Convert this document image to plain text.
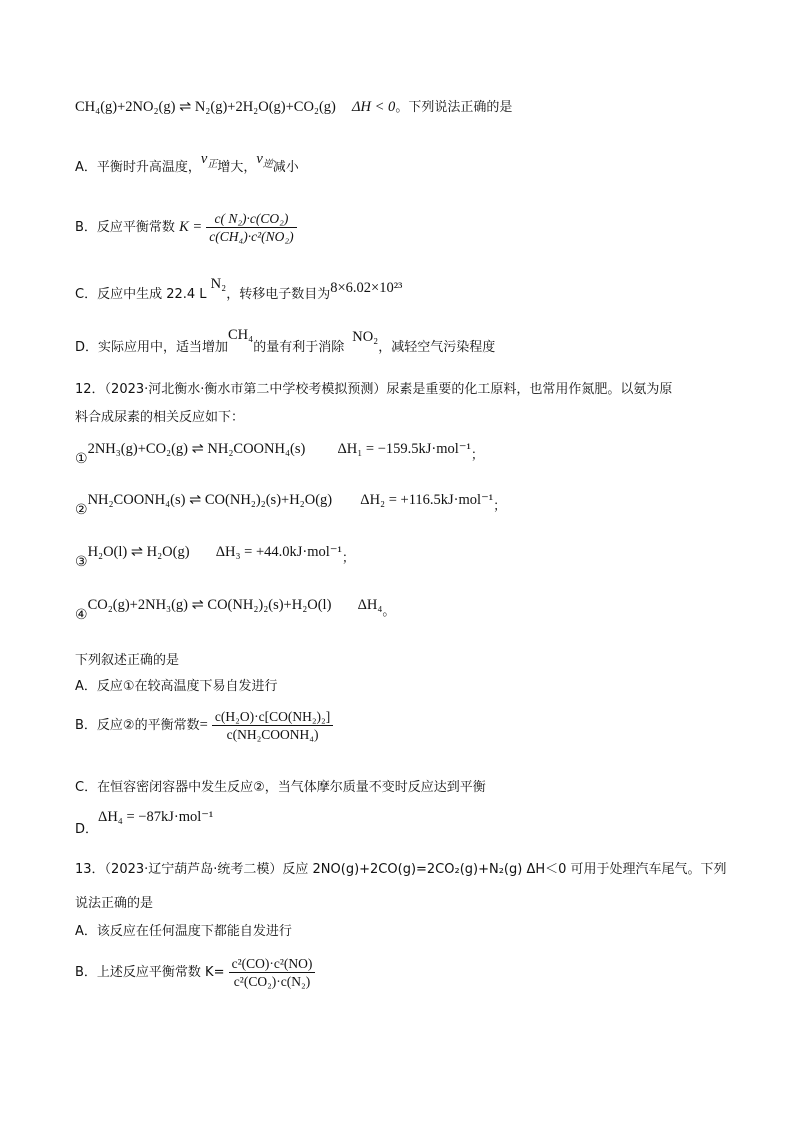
CH₄(g)+2NO₂(g) ⇌ N₂(g)+2H₂O(g)+CO₂(g) ΔH < 0。下列说法正确的是
A．平衡时升高温度，$v_正$增大，$v_逆$减小
B．反应平衡常数 $K = \frac{\text{c( N₂)·c(CO₂)}}{\text{c(CH₄)·c²(NO₂)}}$
C．反应中生成 22.4 L N₂，转移电子数目为8×6.02×10²³
D．实际应用中，适当增加CH₄的量有利于消除NO₂，减轻空气污染程度
12．（2023·河北衡水·衡水市第二中学校考模拟预测）尿素是重要的化工原料，也常用作氮肥。以氨为原
料合成尿素的相关反应如下：
①2NH₃(g)+CO₂(g) ⇌ NH₂COONH₄(s) ΔH₁ = −159.5kJ·mol⁻¹；
②NH₂COONH₄(s) ⇌ CO(NH₂)₂(s)+H₂O(g) ΔH₂ = +116.5kJ·mol⁻¹；
③H₂O(l) ⇌ H₂O(g) ΔH₃ = +44.0kJ·mol⁻¹；
④CO₂(g)+2NH₃(g) ⇌ CO(NH₂)₂(s)+H₂O(l) ΔH₄。
下列叙述正确的是
A．反应①在较高温度下易自发进行
B．反应②的平衡常数= $\frac{\text{c(H₂O)·c[CO(NH₂)₂]}}{\text{c(NH₂COONH₄)}}$
C．在恒容密闭容器中发生反应②，当气体摩尔质量不变时反应达到平衡
D．ΔH₄ = −87kJ·mol⁻¹
13．（2023·辽宁葫芦岛·统考二模）反应 2NO(g)+2CO(g)=2CO₂(g)+N₂(g) ΔH＜0 可用于处理汽车尾气。下列
说法正确的是
A．该反应在任何温度下都能自发进行
B．上述反应平衡常数 $K= \frac{\text{c²(CO)·c²(NO)}}{\text{c²(CO₂)·c(N₂)}}$
